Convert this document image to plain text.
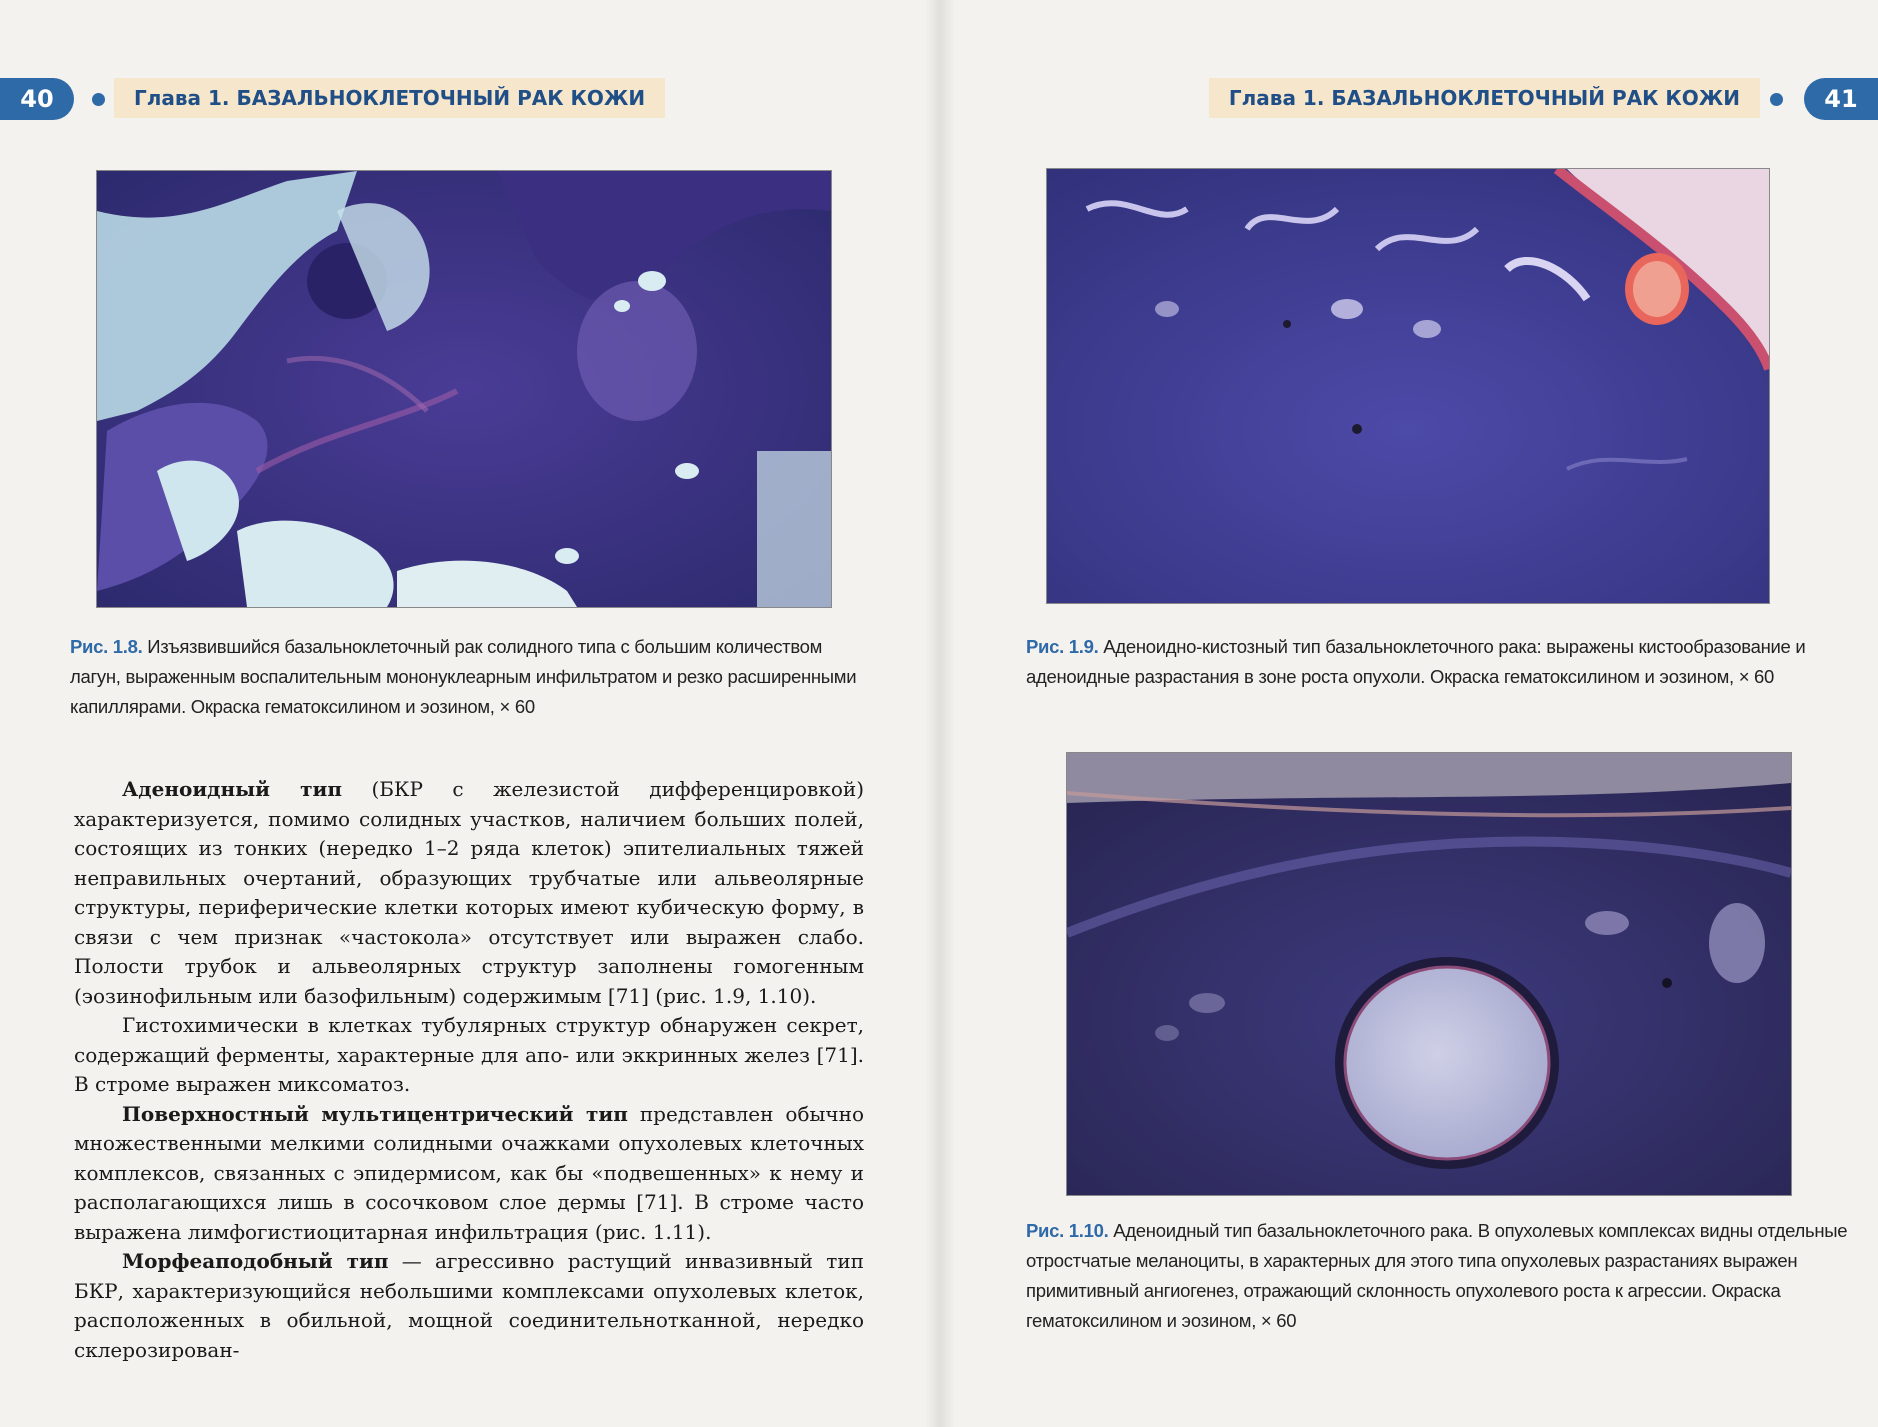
40	Глава 1. БАЗАЛЬНОКЛЕТОЧНЫЙ РАК КОЖИ

Рис. 1.8. Изъязвившийся базальноклеточный рак солидного типа с большим количеством

лагун, выраженным воспалительным мононуклеарным инфильтратом и резко расширенными

капиллярами. Окраска гематоксилином и эозином, × 60

Аденоидный тип (БКР с железистой дифференцировкой) характеризуется, помимо солидных участков, наличием больших полей, состоящих из тонких (нередко 1–2 ряда клеток) эпителиальных тяжей неправильных очертаний, образующих трубчатые или альвеолярные структуры, периферические клетки которых имеют кубическую форму, в связи с чем признак «частокола» отсутствует или выражен слабо. Полости трубок и альвеолярных структур заполнены гомогенным (эозинофильным или базофильным) содержимым [71] (рис. 1.9, 1.10).

Гистохимически в клетках тубулярных структур обнаружен секрет, содержащий ферменты, характерные для апо- или эккринных желез [71]. В строме выражен миксоматоз.

Поверхностный мультицентрический тип представлен обычно множественными мелкими солидными очажками опухолевых клеточных комплексов, связанных с эпидермисом, как бы «подвешенных» к нему и располагающихся лишь в сосочковом слое дермы [71]. В строме часто выражена лимфогистиоцитарная инфильтрация (рис. 1.11).

Морфеаподобный тип — агрессивно растущий инвазивный тип БКР, характеризующийся небольшими комплексами опухолевых клеток, расположенных в обильной, мощной соединительнотканной, нередко склерозирован-

Глава 1. БАЗАЛЬНОКЛЕТОЧНЫЙ РАК КОЖИ	41

Рис. 1.9. Аденоидно-кистозный тип базальноклеточного рака: выражены кистообразование и

аденоидные разрастания в зоне роста опухоли. Окраска гематоксилином и эозином, × 60

Рис. 1.10. Аденоидный тип базальноклеточного рака. В опухолевых комплексах видны отдельные

отростчатые меланоциты, в характерных для этого типа опухолевых разрастаниях выражен

примитивный ангиогенез, отражающий склонность опухолевого роста к агрессии. Окраска

гематоксилином и эозином, × 60
